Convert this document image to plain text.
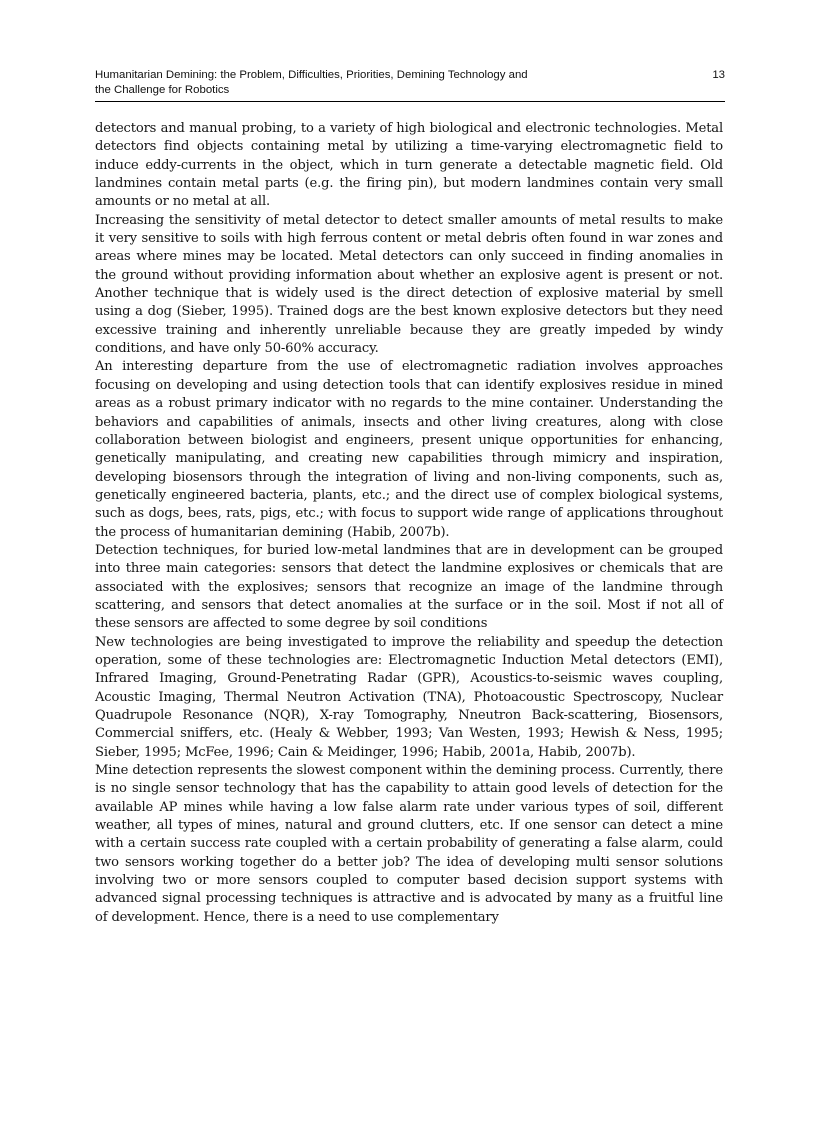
Humanitarian Demining: the Problem, Difficulties, Priorities, Demining Technology and
the Challenge for Robotics
13

detectors and manual probing, to a variety of high biological and electronic technologies. Metal detectors find objects containing metal by utilizing a time-varying electromagnetic field to induce eddy-currents in the object, which in turn generate a detectable magnetic field. Old landmines contain metal parts (e.g. the firing pin), but modern landmines contain very small amounts or no metal at all.

Increasing the sensitivity of metal detector to detect smaller amounts of metal results to make it very sensitive to soils with high ferrous content or metal debris often found in war zones and areas where mines may be located. Metal detectors can only succeed in finding anomalies in the ground without providing information about whether an explosive agent is present or not. Another technique that is widely used is the direct detection of explosive material by smell using a dog (Sieber, 1995). Trained dogs are the best known explosive detectors but they need excessive training and inherently unreliable because they are greatly impeded by windy conditions, and have only 50-60% accuracy.

An interesting departure from the use of electromagnetic radiation involves approaches focusing on developing and using detection tools that can identify explosives residue in mined areas as a robust primary indicator with no regards to the mine container. Understanding the behaviors and capabilities of animals, insects and other living creatures, along with close collaboration between biologist and engineers, present unique opportunities for enhancing, genetically manipulating, and creating new capabilities through mimicry and inspiration, developing biosensors through the integration of living and non-living components, such as, genetically engineered bacteria, plants, etc.; and the direct use of complex biological systems, such as dogs, bees, rats, pigs, etc.; with focus to support wide range of applications throughout the process of humanitarian demining (Habib, 2007b).

Detection techniques, for buried low-metal landmines that are in development can be grouped into three main categories: sensors that detect the landmine explosives or chemicals that are associated with the explosives; sensors that recognize an image of the landmine through scattering, and sensors that detect anomalies at the surface or in the soil. Most if not all of these sensors are affected to some degree by soil conditions

New technologies are being investigated to improve the reliability and speedup the detection operation, some of these technologies are: Electromagnetic Induction Metal detectors (EMI), Infrared Imaging, Ground-Penetrating Radar (GPR), Acoustics-to-seismic waves coupling, Acoustic Imaging, Thermal Neutron Activation (TNA), Photoacoustic Spectroscopy, Nuclear Quadrupole Resonance (NQR), X-ray Tomography, Nneutron Back-scattering, Biosensors, Commercial sniffers, etc. (Healy & Webber, 1993; Van Westen, 1993; Hewish & Ness, 1995; Sieber, 1995; McFee, 1996; Cain & Meidinger, 1996; Habib, 2001a, Habib, 2007b).

Mine detection represents the slowest component within the demining process. Currently, there is no single sensor technology that has the capability to attain good levels of detection for the available AP mines while having a low false alarm rate under various types of soil, different weather, all types of mines, natural and ground clutters, etc. If one sensor can detect a mine with a certain success rate coupled with a certain probability of generating a false alarm, could two sensors working together do a better job? The idea of developing multi sensor solutions involving two or more sensors coupled to computer based decision support systems with advanced signal processing techniques is attractive and is advocated by many as a fruitful line of development. Hence, there is a need to use complementary
